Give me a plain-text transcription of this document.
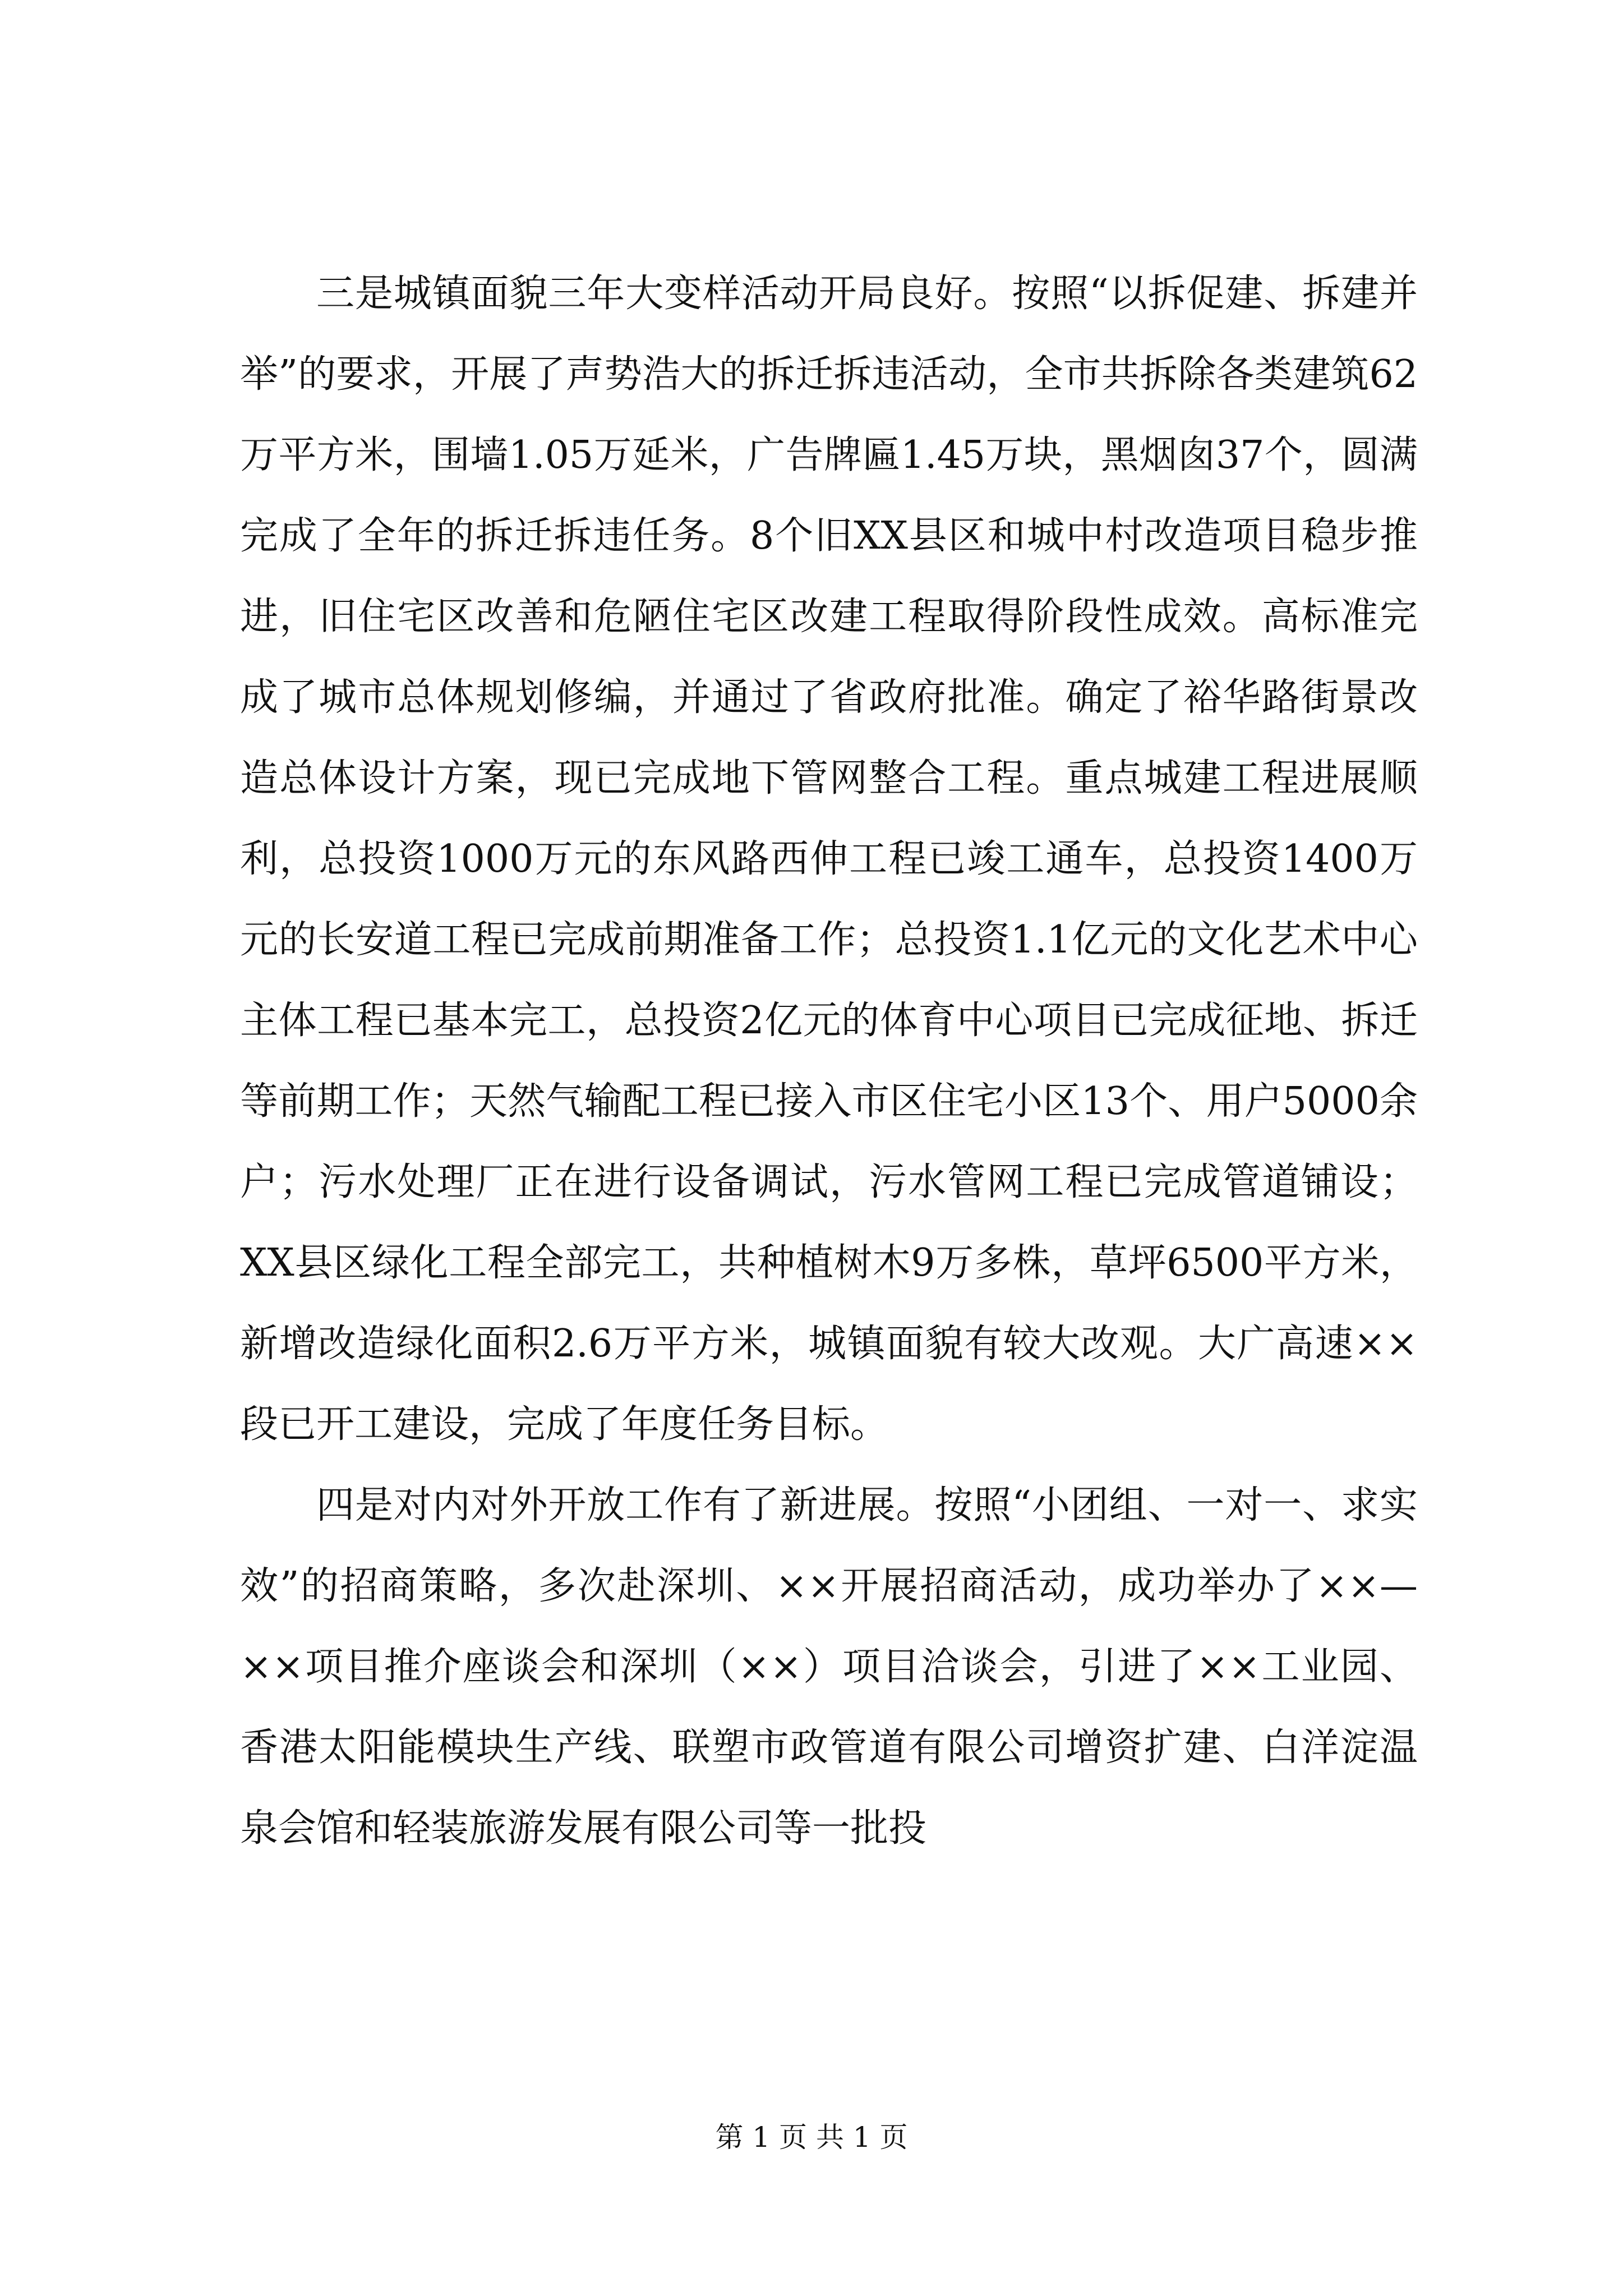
三是城镇面貌三年大变样活动开局良好。按照“以拆促建、拆建并举”的要求，开展了声势浩大的拆迁拆违活动，全市共拆除各类建筑62万平方米，围墙1.05万延米，广告牌匾1.45万块，黑烟囱37个，圆满完成了全年的拆迁拆违任务。8个旧XX县区和城中村改造项目稳步推进，旧住宅区改善和危陋住宅区改建工程取得阶段性成效。高标准完成了城市总体规划修编，并通过了省政府批准。确定了裕华路街景改造总体设计方案，现已完成地下管网整合工程。重点城建工程进展顺利，总投资1000万元的东风路西伸工程已竣工通车，总投资1400万元的长安道工程已完成前期准备工作；总投资1.1亿元的文化艺术中心主体工程已基本完工，总投资2亿元的体育中心项目已完成征地、拆迁等前期工作；天然气输配工程已接入市区住宅小区13个、用户5000余户；污水处理厂正在进行设备调试，污水管网工程已完成管道铺设；XX县区绿化工程全部完工，共种植树木9万多株，草坪6500平方米，新增改造绿化面积2.6万平方米，城镇面貌有较大改观。大广高速××段已开工建设，完成了年度任务目标。

四是对内对外开放工作有了新进展。按照“小团组、一对一、求实效”的招商策略，多次赴深圳、××开展招商活动，成功举办了××—××项目推介座谈会和深圳（××）项目洽谈会，引进了××工业园、香港太阳能模块生产线、联塑市政管道有限公司增资扩建、白洋淀温泉会馆和轻装旅游发展有限公司等一批投

第 1 页 共 1 页
